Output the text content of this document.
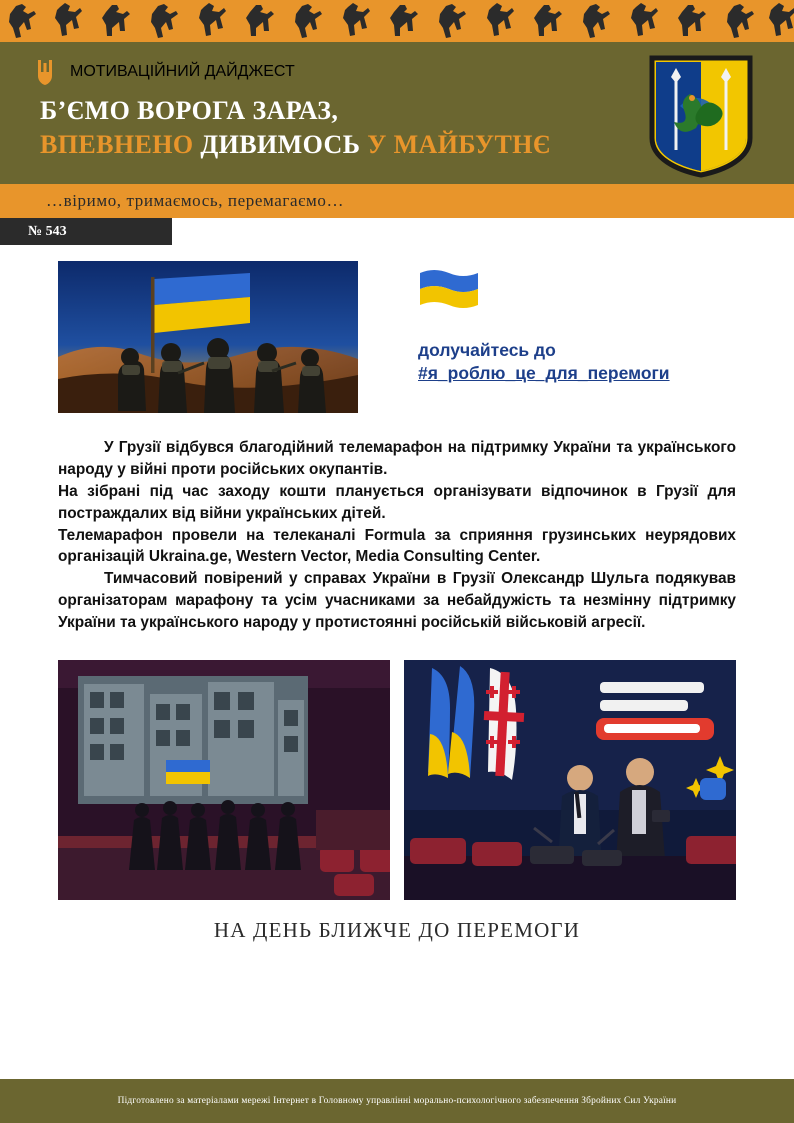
МОТИВАЦІЙНИЙ ДАЙДЖЕСТ
Б’ЄМО ВОРОГА ЗАРАЗ,
ВПЕВНЕНО ДИВИМОСЬ У МАЙБУТНЄ
…віримо, тримаємось, перемагаємо…
№ 543
долучайтесь до
#я_роблю_це_для_перемоги

У Грузії відбувся благодійний телемарафон на підтримку України та українського народу у війні проти російських окупантів.

На зібрані під час заходу кошти планується організувати відпочинок в Грузії для постраждалих від війни українських дітей.

Телемарафон провели на телеканалі Formula за сприяння грузинських неурядових організацій Ukraina.ge, Western Vector, Media Consulting Center.

Тимчасовий повірений у справах України в Грузії Олександр Шульга подякував організаторам марафону та усім учасниками за небайдужість та незмінну підтримку України та українського народу у протистоянні російській військовій агресії.

НА ДЕНЬ БЛИЖЧЕ ДО ПЕРЕМОГИ
Підготовлено за матеріалами мережі Інтернет в Головному управлінні морально-психологічного забезпечення Збройних Сил України
